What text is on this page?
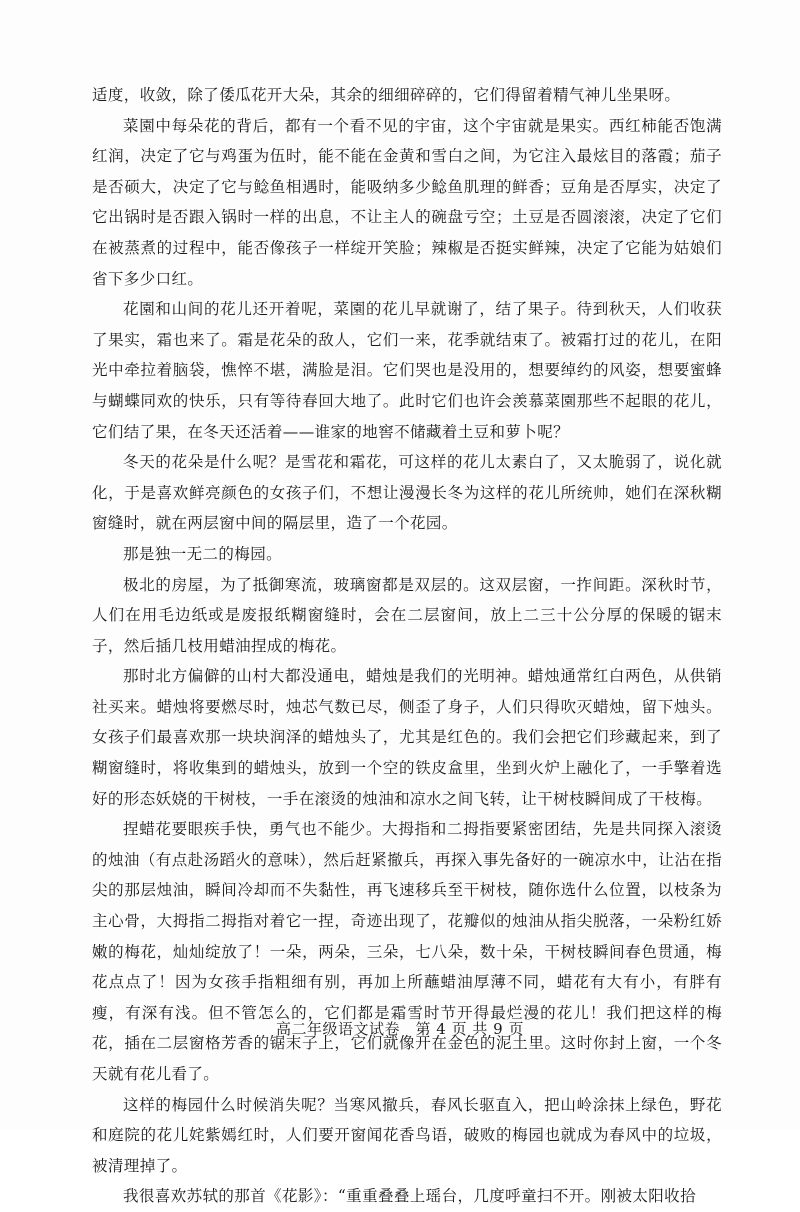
适度，收敛，除了倭瓜花开大朵，其余的细细碎碎的，它们得留着精气神儿坐果呀。

菜園中每朵花的背后，都有一个看不见的宇宙，这个宇宙就是果实。西红柿能否饱满红润，决定了它与鸡蛋为伍时，能不能在金黄和雪白之间，为它注入最炫目的落霞；茄子是否硕大，决定了它与鲶鱼相遇时，能吸纳多少鲶鱼肌理的鲜香；豆角是否厚实，决定了它出锅时是否跟入锅时一样的出息，不让主人的碗盘亏空；土豆是否圆滚滚，决定了它们在被蒸煮的过程中，能否像孩子一样绽开笑脸；辣椒是否挺实鲜辣，决定了它能为姑娘们省下多少口红。

花園和山间的花儿还开着呢，菜園的花儿早就谢了，结了果子。待到秋天，人们收获了果实，霜也来了。霜是花朵的敌人，它们一来，花季就结束了。被霜打过的花儿，在阳光中牵拉着脑袋，憔悴不堪，满脸是泪。它们哭也是没用的，想要绰约的风姿，想要蜜蜂与蝴蝶同欢的快乐，只有等待春回大地了。此时它们也许会羡慕菜園那些不起眼的花儿，它们结了果，在冬天还活着——谁家的地窖不储藏着土豆和萝卜呢？

冬天的花朵是什么呢？是雪花和霜花，可这样的花儿太素白了，又太脆弱了，说化就化，于是喜欢鲜亮颜色的女孩子们，不想让漫漫长冬为这样的花儿所统帅，她们在深秋糊窗缝时，就在两层窗中间的隔层里，造了一个花园。

那是独一无二的梅园。

极北的房屋，为了抵御寒流，玻璃窗都是双层的。这双层窗，一拃间距。深秋时节，人们在用毛边纸或是废报纸糊窗缝时，会在二层窗间，放上二三十公分厚的保暖的锯末子，然后插几枝用蜡油捏成的梅花。

那时北方偏僻的山村大都没通电，蜡烛是我们的光明神。蜡烛通常红白两色，从供销社买来。蜡烛将要燃尽时，烛芯气数已尽，侧歪了身子，人们只得吹灭蜡烛，留下烛头。女孩子们最喜欢那一块块润泽的蜡烛头了，尤其是红色的。我们会把它们珍藏起来，到了糊窗缝时，将收集到的蜡烛头，放到一个空的铁皮盒里，坐到火炉上融化了，一手擎着选好的形态妖娆的干树枝，一手在滚烫的烛油和凉水之间飞转，让干树枝瞬间成了干枝梅。

捏蜡花要眼疾手快，勇气也不能少。大拇指和二拇指要紧密团结，先是共同探入滚烫的烛油（有点赴汤蹈火的意味），然后赶紧撤兵，再探入事先备好的一碗凉水中，让沾在指尖的那层烛油，瞬间冷却而不失黏性，再飞速移兵至干树枝，随你选什么位置，以枝条为主心骨，大拇指二拇指对着它一捏，奇迹出现了，花瓣似的烛油从指尖脱落，一朵粉红娇嫩的梅花，灿灿绽放了！一朵，两朵，三朵，七八朵，数十朵，干树枝瞬间春色贯通，梅花点点了！因为女孩手指粗细有别，再加上所蘸蜡油厚薄不同，蜡花有大有小，有胖有瘦，有深有浅。但不管怎么的，它们都是霜雪时节开得最烂漫的花儿！我们把这样的梅花，插在二层窗格芳香的锯末子上，它们就像开在金色的泥土里。这时你封上窗，一个冬天就有花儿看了。

这样的梅园什么时候消失呢？当寒风撤兵，春风长驱直入，把山岭涂抹上绿色，野花和庭院的花儿姹紫嫣红时，人们要开窗闻花香鸟语，破败的梅园也就成为春风中的垃圾，被清理掉了。

我很喜欢苏轼的那首《花影》：“重重叠叠上瑶台，几度呼童扫不开。刚被太阳收拾

高二年级语文试卷　第 4 页 共 9 页
